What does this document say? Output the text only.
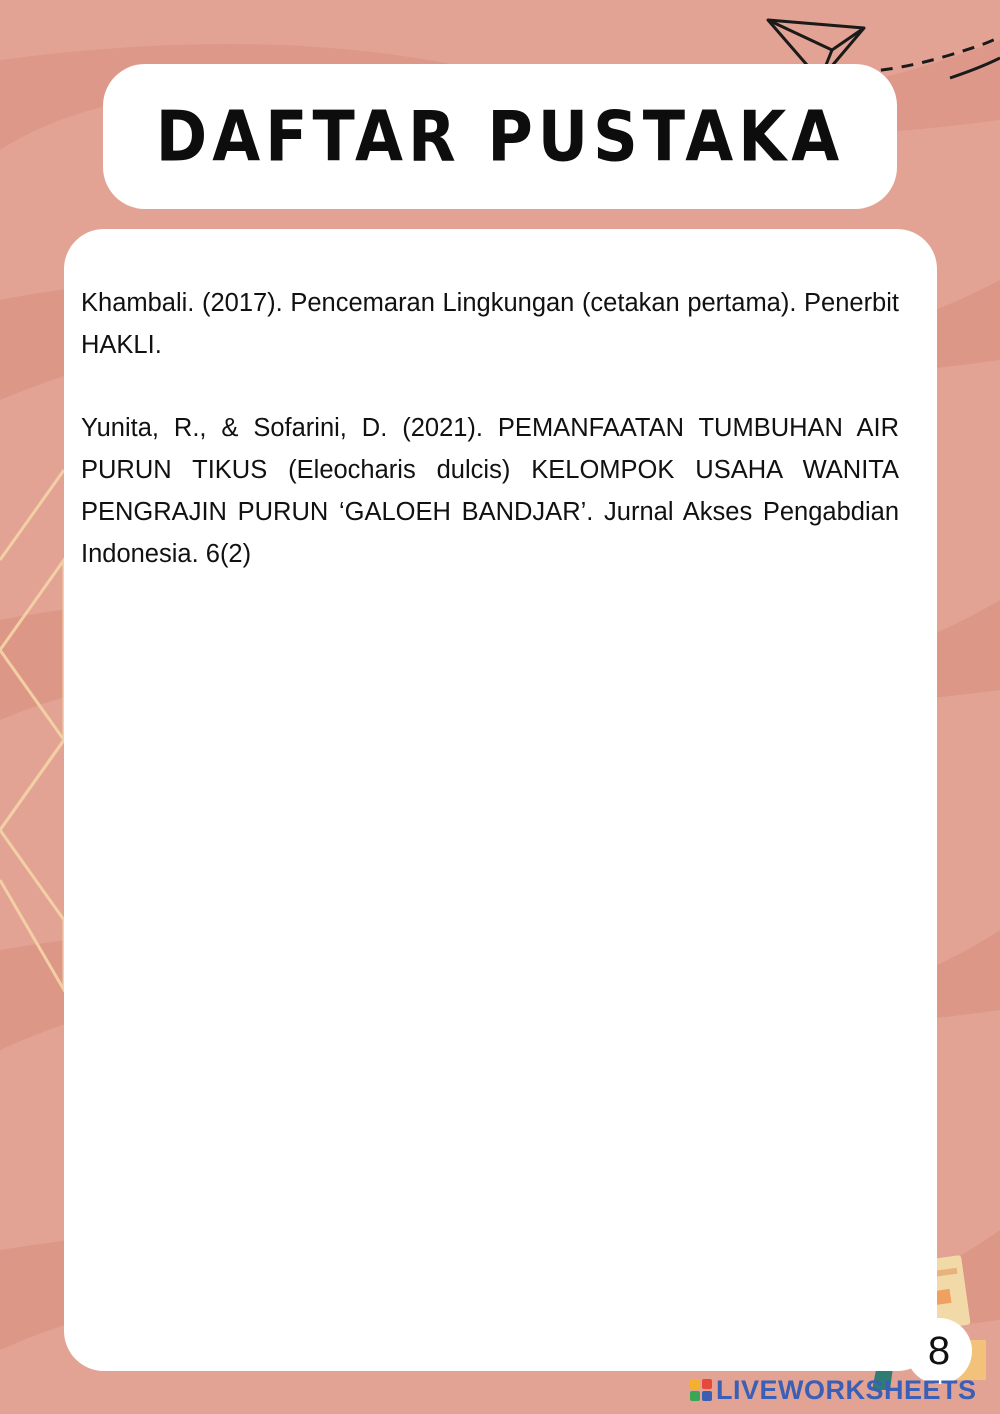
DAFTAR PUSTAKA

Khambali. (2017). Pencemaran Lingkungan (cetakan pertama). Penerbit HAKLI.

Yunita, R., & Sofarini, D. (2021). PEMANFAATAN TUMBUHAN AIR PURUN TIKUS (Eleocharis dulcis) KELOMPOK USAHA WANITA PENGRAJIN PURUN ‘GALOEH BANDJAR’. Jurnal Akses Pengabdian Indonesia. 6(2)

8
LIVEWORKSHEETS
